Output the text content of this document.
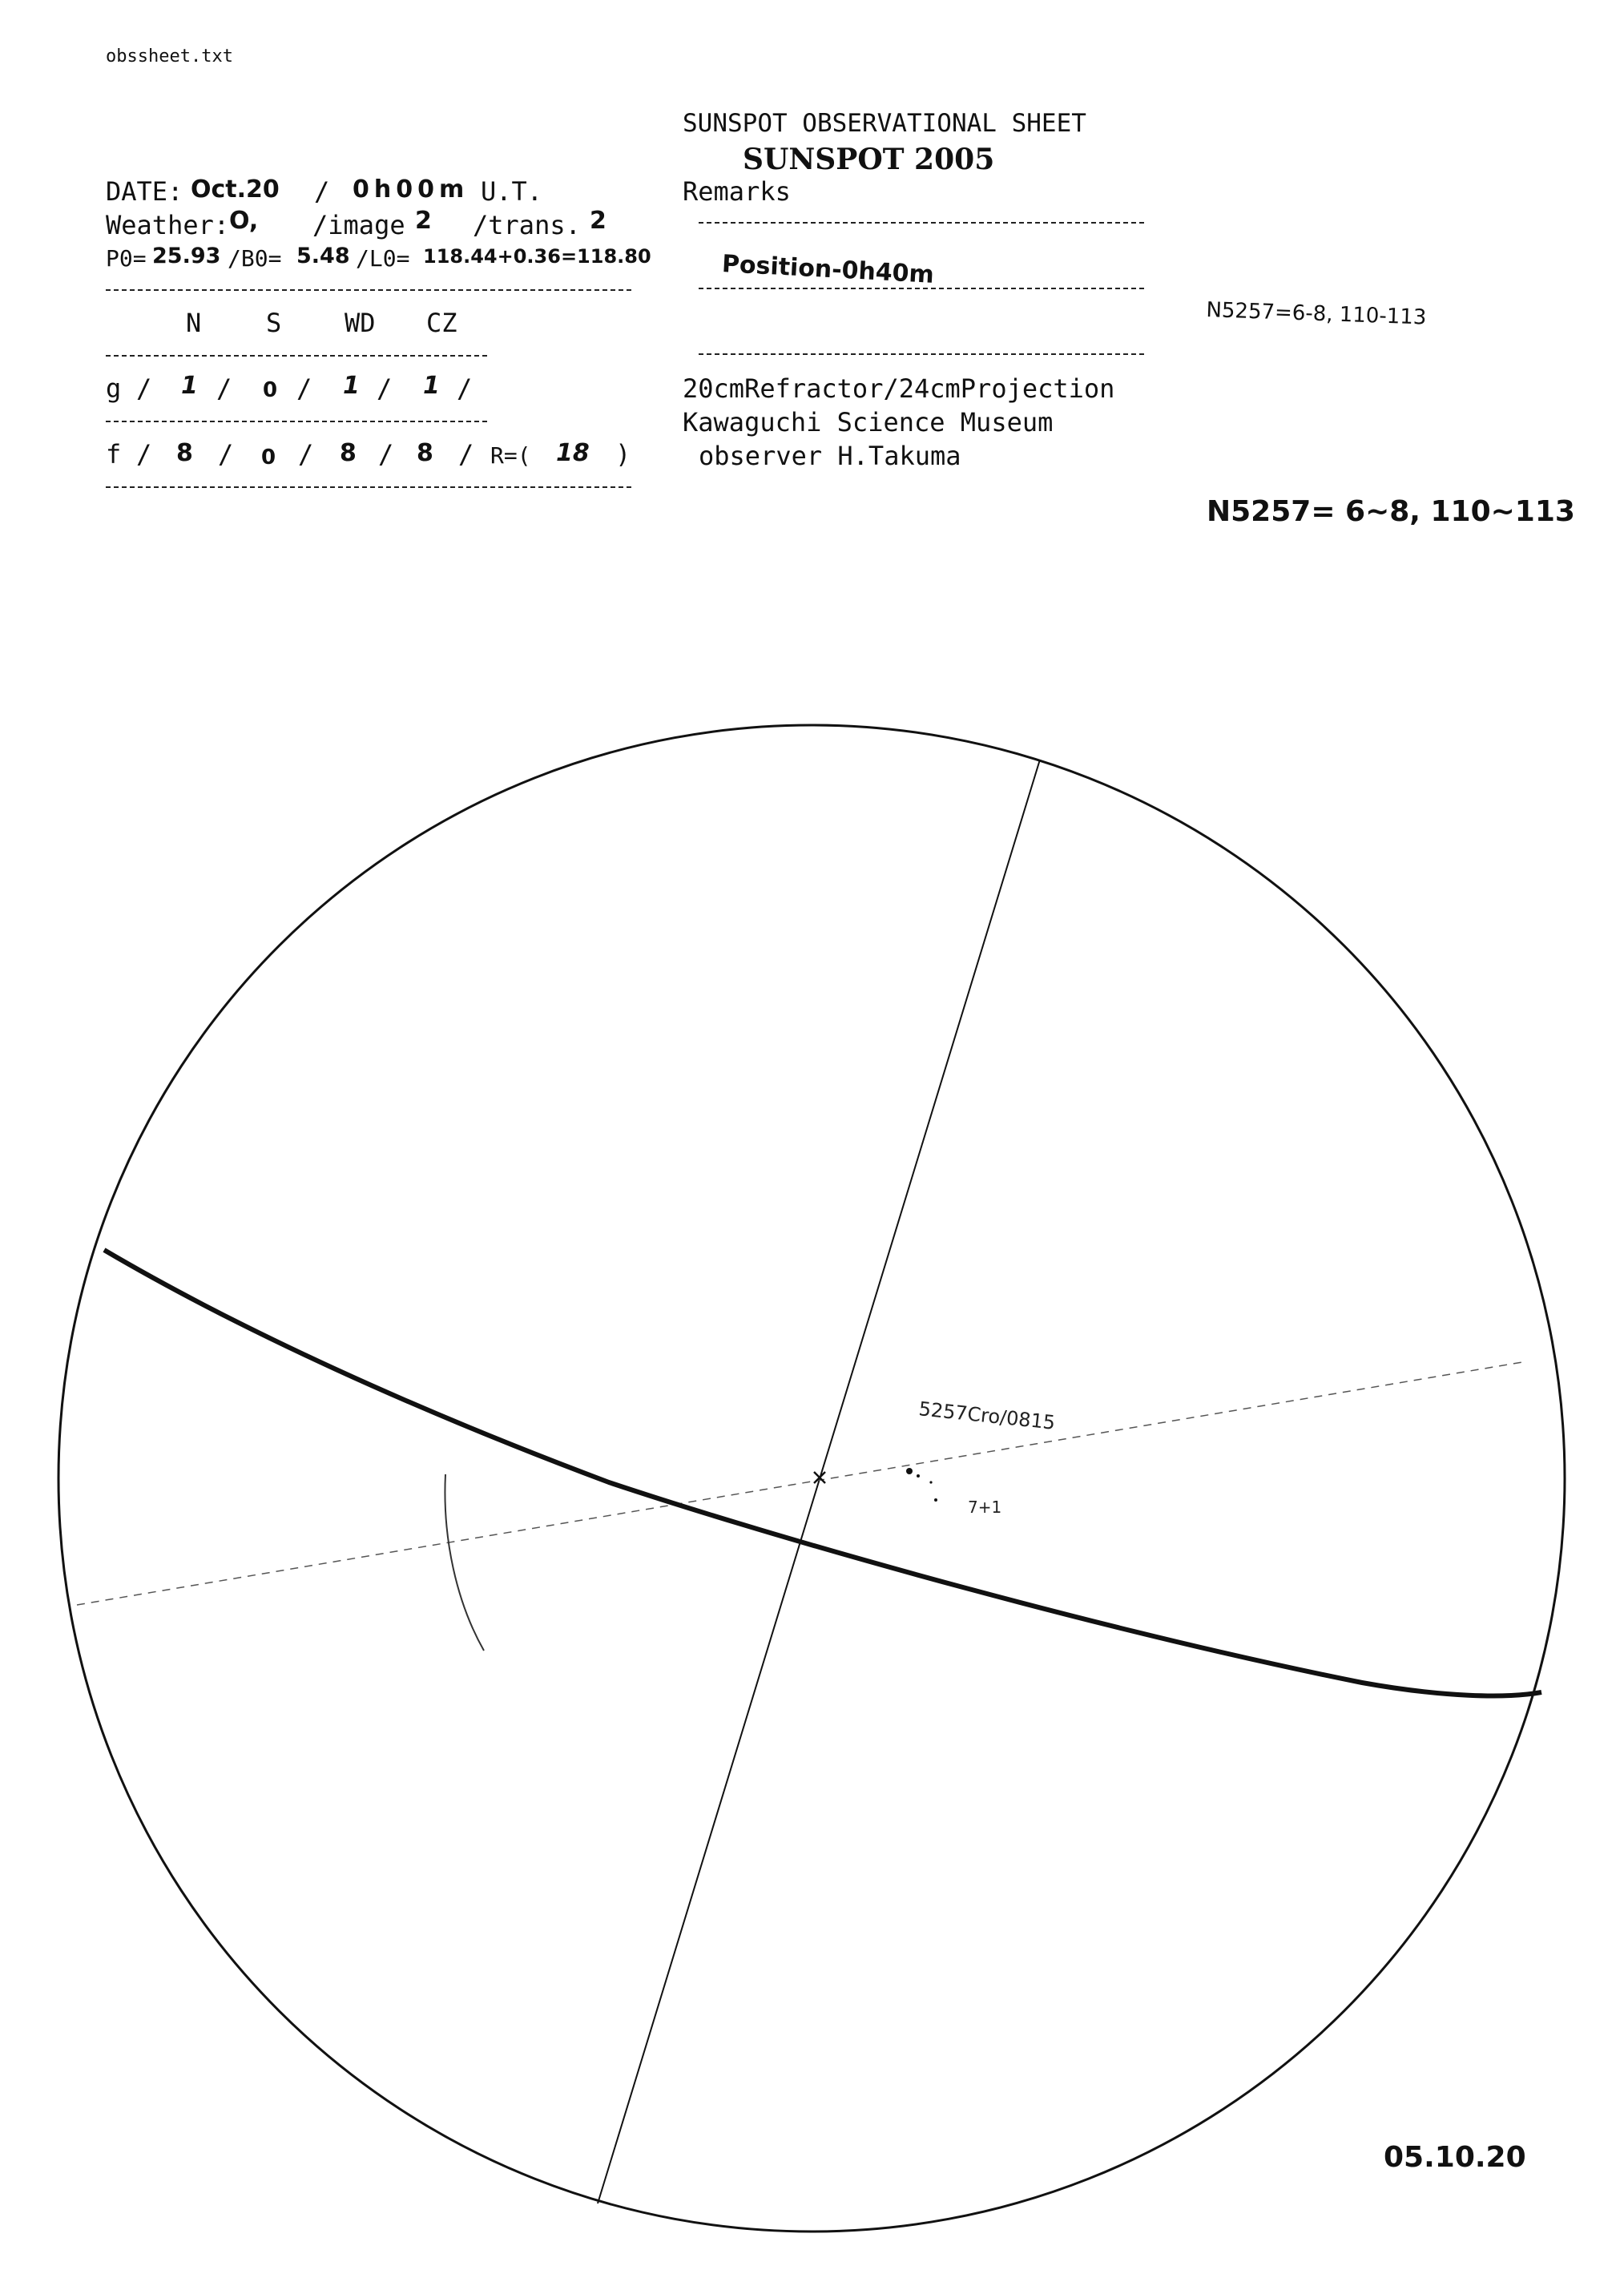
obssheet.txt
SUNSPOT OBSERVATIONAL SHEET
SUNSPOT 2005
DATE: Oct.20 / 0h00m U.T.
Weather: O, /image 2 /trans. 2
P0= 25.93 /B0= 5.48 /L0= 118.44+0.36=118.80
N	S WD CZ
g / 1 / 0 / 1 / 1 /
f / 8 / 0 / 8 / 8 / R=( 18 )
Remarks
Position-0h40m
20cmRefractor/24cmProjection
Kawaguchi Science Museum
observer H.Takuma
N5257=6-8, 110-113
N5257= 6~8, 110~113
5257Cro/0815
7+1
05.10.20
